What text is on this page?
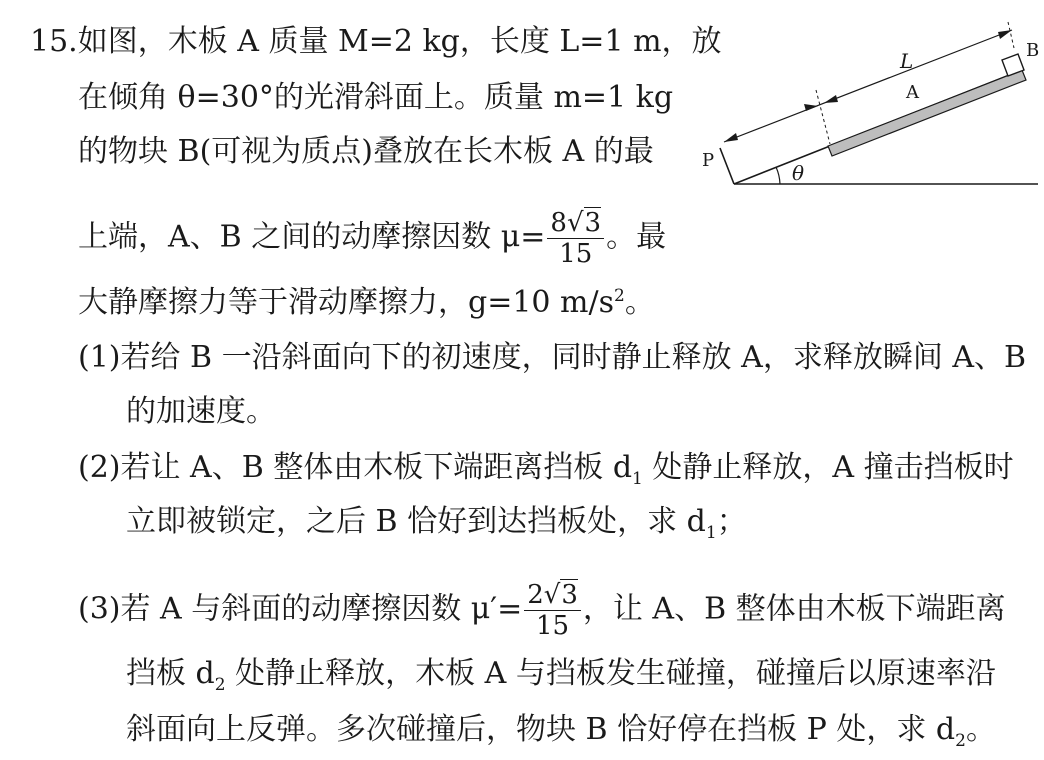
15.如图，木板 A 质量 M=2 kg，长度 L=1 m，放
在倾角 θ=30°的光滑斜面上。质量 m=1 kg
的物块 B(可视为质点)叠放在长木板 A 的最
上端，A、B 之间的动摩擦因数 $\mu= \frac{8√3}{15}$ 。最
大静摩擦力等于滑动摩擦力，g=10 $m/s^2$。
(1)若给 B 一沿斜面向下的初速度，同时静止释放 A，求释放瞬间 A、B
的加速度。
(2)若让 A、B 整体由木板下端距离挡板 $d_1$ 处静止释放，A 撞击挡板时
立即被锁定，之后 B 恰好到达挡板处，求 $d_1$；
(3)若 A 与斜面的动摩擦因数 $\mu'= \frac{2√3}{15}$ ，让 A、B 整体由木板下端距离
挡板 $d_2$ 处静止释放，木板 A 与挡板发生碰撞，碰撞后以原速率沿
斜面向上反弹。多次碰撞后，物块 B 恰好停在挡板 P 处，求 $d_2$。
P
B
L
A
θ
